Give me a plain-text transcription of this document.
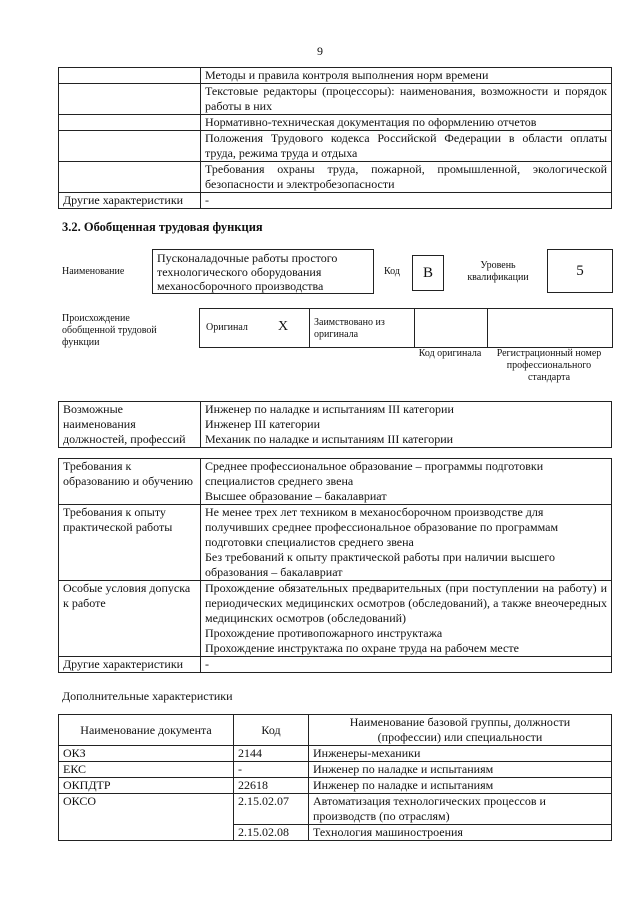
9
	Методы и правила контроля выполнения норм времени
	Текстовые редакторы (процессоры): наименования, возможности и порядок работы в них
	Нормативно-техническая документация по оформлению отчетов
	Положения Трудового кодекса Российской Федерации в области оплаты труда, режима труда и отдыха
	Требования охраны труда, пожарной, промышленной, экологической безопасности и электробезопасности
Другие характеристики	-
3.2. Обобщенная трудовая функция
Наименование
Пусконаладочные работы простого технологического оборудования механосборочного производства
Код	В	Уровень квалификации	5
Происхождение обобщенной трудовой функции
Оригинал Х	Заимствовано из оригинала
Код оригинала	Регистрационный номер профессионального стандарта
Возможные наименования должностей, профессий	
Инженер по наладке и испытаниям III категории
Инженер III категории
Механик по наладке и испытаниям III категории
Требования к образованию и обучению	Среднее профессиональное образование – программы подготовки специалистов среднего звена
Высшее образование – бакалавриат

Требования к опыту практической работы	Не менее трех лет техником в механосборочном производстве для получивших среднее профессиональное образование по программам подготовки специалистов среднего звена
Без требований к опыту практической работы при наличии высшего образования – бакалавриат

Особые условия допуска к работе	Прохождение обязательных предварительных (при поступлении на работу) и периодических медицинских осмотров (обследований), а также внеочередных медицинских осмотров (обследований)
Прохождение противопожарного инструктажа
Прохождение инструктажа по охране труда на рабочем месте

Другие характеристики	-
Дополнительные характеристики
Наименование документа	Код	Наименование базовой группы, должности (профессии) или специальности
ОКЗ	2144	Инженеры-механики
ЕКС	-	Инженер по наладке и испытаниям
ОКПДТР	22618	Инженер по наладке и испытаниям
ОКСО	2.15.02.07	Автоматизация технологических процессов и производств (по отраслям)
	2.15.02.08	Технология машиностроения
